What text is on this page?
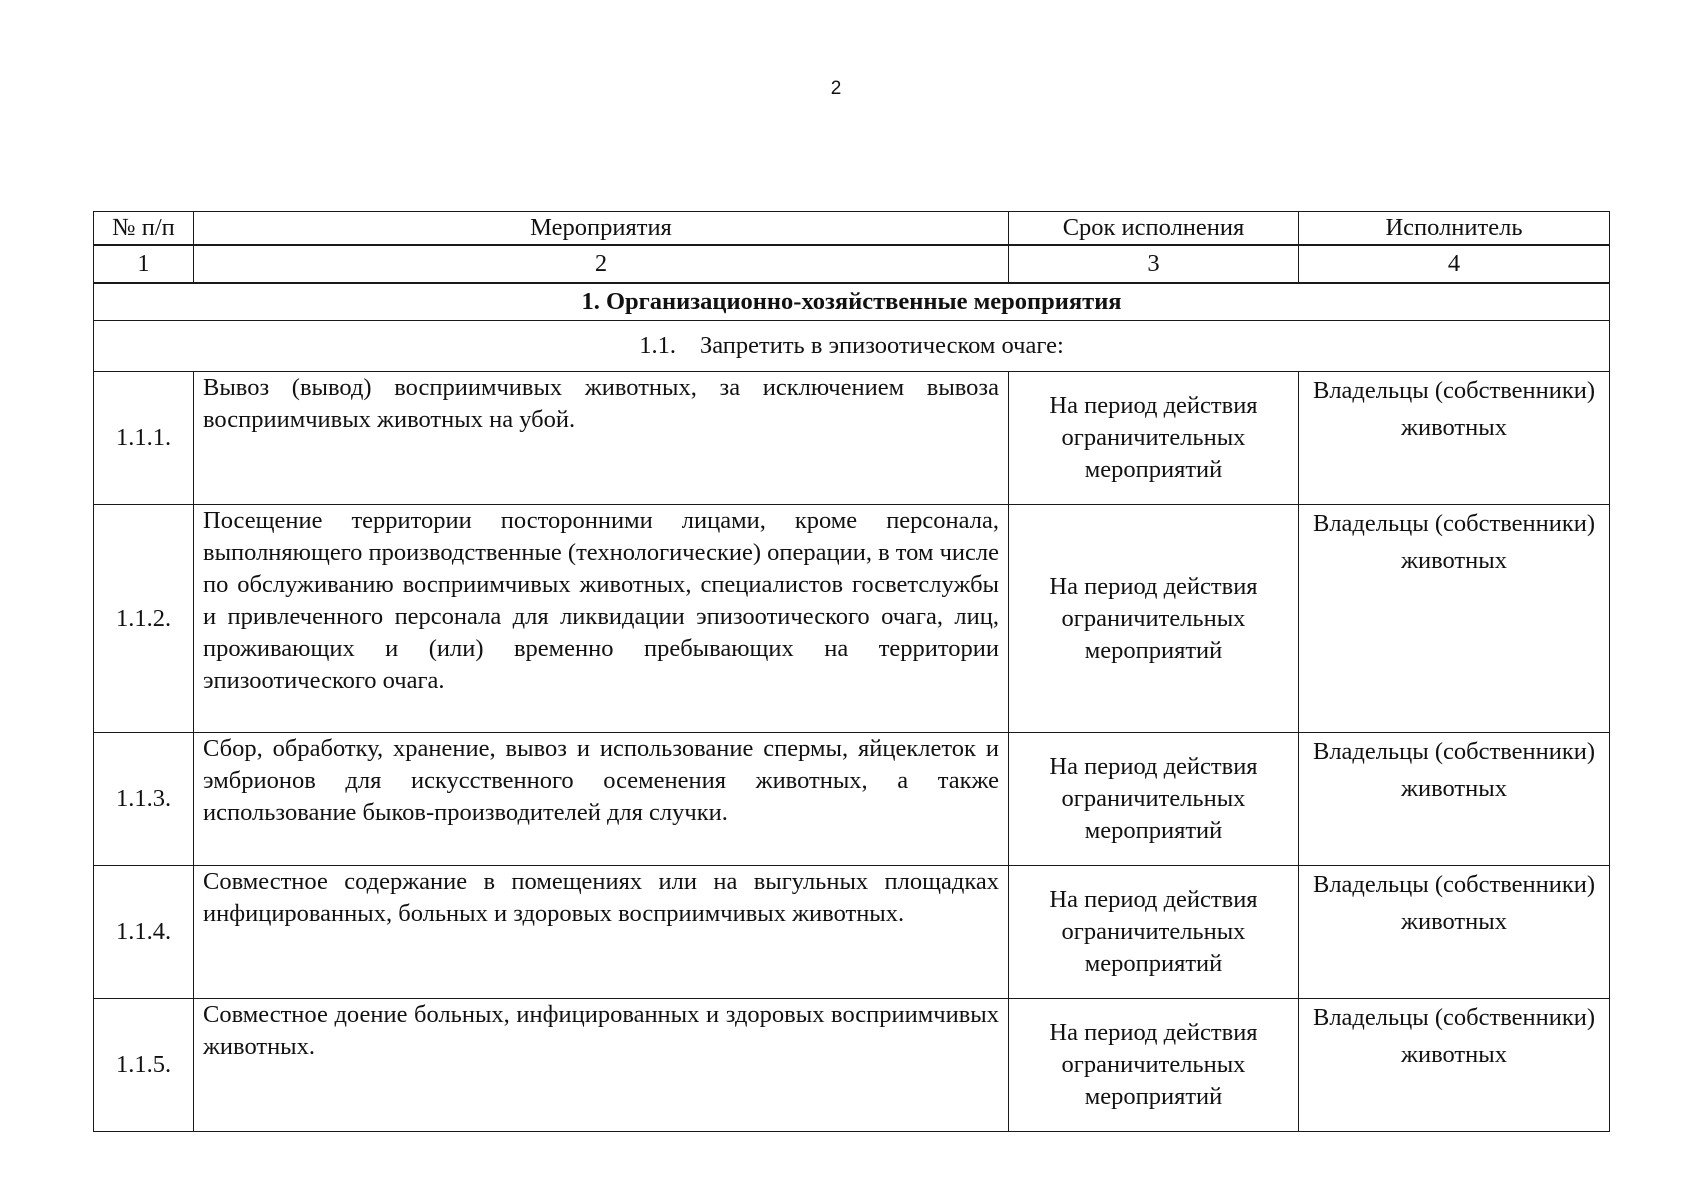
2
№ п/п	Мероприятия	Срок исполнения	Исполнитель
1	2	3	4
1. Организационно-хозяйственные мероприятия			
1.1. Запретить в эпизоотическом очаге:			
1.1.1.	Вывоз (вывод) восприимчивых животных, за исключением вывоза восприимчивых животных на убой.	На период действия ограничительных мероприятий	Владельцы (собственники) животных
1.1.2.	Посещение территории посторонними лицами, кроме персонала, выполняющего производственные (технологические) операции, в том числе по обслуживанию восприимчивых животных, специалистов госветслужбы и привлеченного персонала для ликвидации эпизоотического очага, лиц, проживающих и (или) временно пребывающих на территории эпизоотического очага.	На период действия ограничительных мероприятий	Владельцы (собственники) животных
1.1.3.	Сбор, обработку, хранение, вывоз и использование спермы, яйцеклеток и эмбрионов для искусственного осеменения животных, а также использование быков-производителей для случки.	На период действия ограничительных мероприятий	Владельцы (собственники) животных
1.1.4.	Совместное содержание в помещениях или на выгульных площадках инфицированных, больных и здоровых восприимчивых животных.	На период действия ограничительных мероприятий	Владельцы (собственники) животных
1.1.5.	Совместное доение больных, инфицированных и здоровых восприимчивых животных.	На период действия ограничительных мероприятий	Владельцы (собственники) животных
